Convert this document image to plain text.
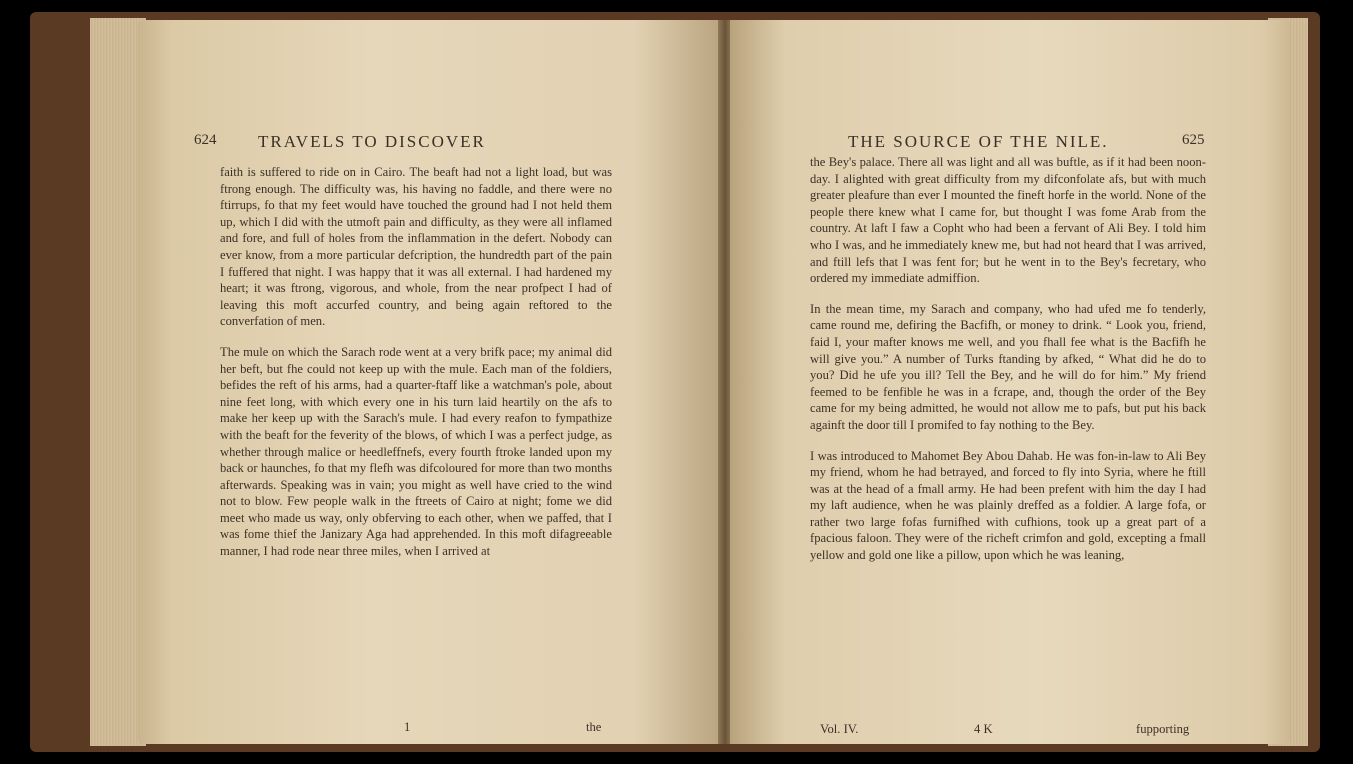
624 TRAVELS TO DISCOVER

faith is suffered to ride on in Cairo. The beaft had not a light load, but was ftrong enough. The difficulty was, his having no faddle, and there were no ftirrups, fo that my feet would have touched the ground had I not held them up, which I did with the utmoft pain and difficulty, as they were all inflamed and fore, and full of holes from the inflammation in the defert. Nobody can ever know, from a more particular defcription, the hundredth part of the pain I fuffered that night. I was happy that it was all external. I had hardened my heart; it was ftrong, vigorous, and whole, from the near profpect I had of leaving this moft accurfed country, and being again reftored to the converfation of men.

The mule on which the Sarach rode went at a very brifk pace; my animal did her beft, but fhe could not keep up with the mule. Each man of the foldiers, befides the reft of his arms, had a quarter-ftaff like a watchman's pole, about nine feet long, with which every one in his turn laid heartily on the afs to make her keep up with the Sarach's mule. I had every reafon to fympathize with the beaft for the feverity of the blows, of which I was a perfect judge, as whether through malice or heedleffnefs, every fourth ftroke landed upon my back or haunches, fo that my flefh was difcoloured for more than two months afterwards. Speaking was in vain; you might as well have cried to the wind not to blow. Few people walk in the ftreets of Cairo at night; fome we did meet who made us way, only obferving to each other, when we paffed, that I was fome thief the Janizary Aga had apprehended. In this moft difagreeable manner, I had rode near three miles, when I arrived at

1	the
THE SOURCE OF THE NILE.	625

the Bey's palace. There all was light and all was buftle, as if it had been noon-day. I alighted with great difficulty from my difconfolate afs, but with much greater pleafure than ever I mounted the fineft horfe in the world. None of the people there knew what I came for, but thought I was fome Arab from the country. At laft I faw a Copht who had been a fervant of Ali Bey. I told him who I was, and he immediately knew me, but had not heard that I was arrived, and ftill lefs that I was fent for; but he went in to the Bey's fecretary, who ordered my immediate admiffion.

In the mean time, my Sarach and company, who had ufed me fo tenderly, came round me, defiring the Bacfifh, or money to drink. “ Look you, friend, faid I, your mafter knows me well, and you fhall fee what is the Bacfifh he will give you.” A number of Turks ftanding by afked, “ What did he do to you? Did he ufe you ill? Tell the Bey, and he will do for him.” My friend feemed to be fenfible he was in a fcrape, and, though the order of the Bey came for my being admitted, he would not allow me to pafs, but put his back againft the door till I promifed to fay nothing to the Bey.

I was introduced to Mahomet Bey Abou Dahab. He was fon-in-law to Ali Bey my friend, whom he had betrayed, and forced to fly into Syria, where he ftill was at the head of a fmall army. He had been prefent with him the day I had my laft audience, when he was plainly dreffed as a foldier. A large fofa, or rather two large fofas furnifhed with cufhions, took up a great part of a fpacious faloon. They were of the richeft crimfon and gold, excepting a fmall yellow and gold one like a pillow, upon which he was leaning,

Vol. IV.	4 K	fupporting
